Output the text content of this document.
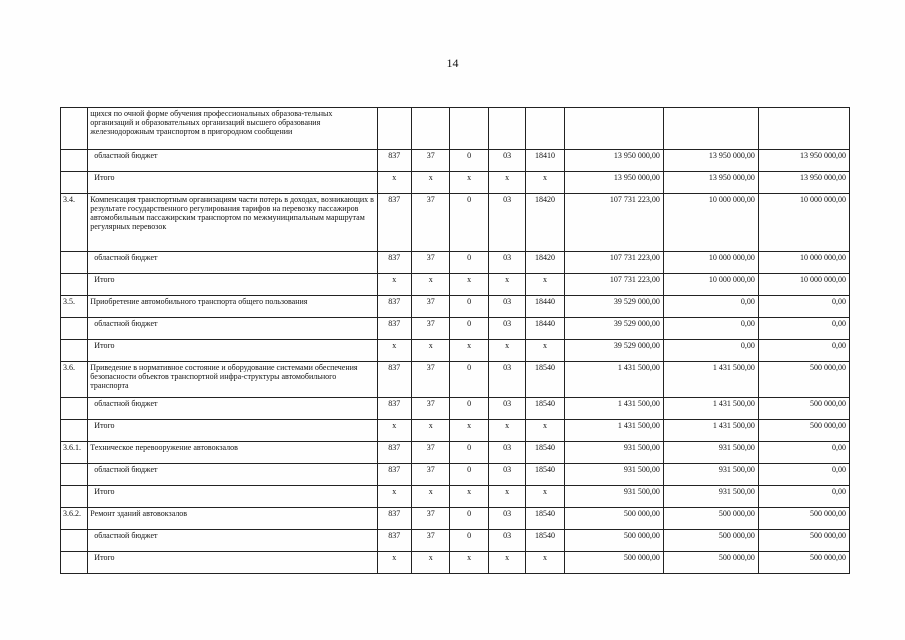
14
	щихся по очной форме обучения профессиональных образова-тельных организаций и образовательных организаций высшего образования железнодорожным транспортом в пригородном сообщении								
	областной бюджет	837	37	0	03	18410	13 950 000,00	13 950 000,00	13 950 000,00
	Итого	x	x	x	x	x	13 950 000,00	13 950 000,00	13 950 000,00
3.4.	Компенсация транспортным организациям части потерь в доходах, возникающих в результате государственного регулирования тарифов на перевозку пассажиров автомобильным пассажирским транспортом по межмуниципальным маршрутам регулярных перевозок	837	37	0	03	18420	107 731 223,00	10 000 000,00	10 000 000,00
	областной бюджет	837	37	0	03	18420	107 731 223,00	10 000 000,00	10 000 000,00
	Итого	x	x	x	x	x	107 731 223,00	10 000 000,00	10 000 000,00
3.5.	Приобретение автомобильного транспорта общего пользования	837	37	0	03	18440	39 529 000,00	0,00	0,00
	областной бюджет	837	37	0	03	18440	39 529 000,00	0,00	0,00
	Итого	x	x	x	x	x	39 529 000,00	0,00	0,00
3.6.	Приведение в нормативное состояние и оборудование системами обеспечения безопасности объектов транспортной инфра-структуры автомобильного транспорта	837	37	0	03	18540	1 431 500,00	1 431 500,00	500 000,00
	областной бюджет	837	37	0	03	18540	1 431 500,00	1 431 500,00	500 000,00
	Итого	x	x	x	x	x	1 431 500,00	1 431 500,00	500 000,00
3.6.1.	Техническое перевооружение автовокзалов	837	37	0	03	18540	931 500,00	931 500,00	0,00
	областной бюджет	837	37	0	03	18540	931 500,00	931 500,00	0,00
	Итого	x	x	x	x	x	931 500,00	931 500,00	0,00
3.6.2.	Ремонт зданий автовокзалов	837	37	0	03	18540	500 000,00	500 000,00	500 000,00
	областной бюджет	837	37	0	03	18540	500 000,00	500 000,00	500 000,00
	Итого	x	x	x	x	x	500 000,00	500 000,00	500 000,00
